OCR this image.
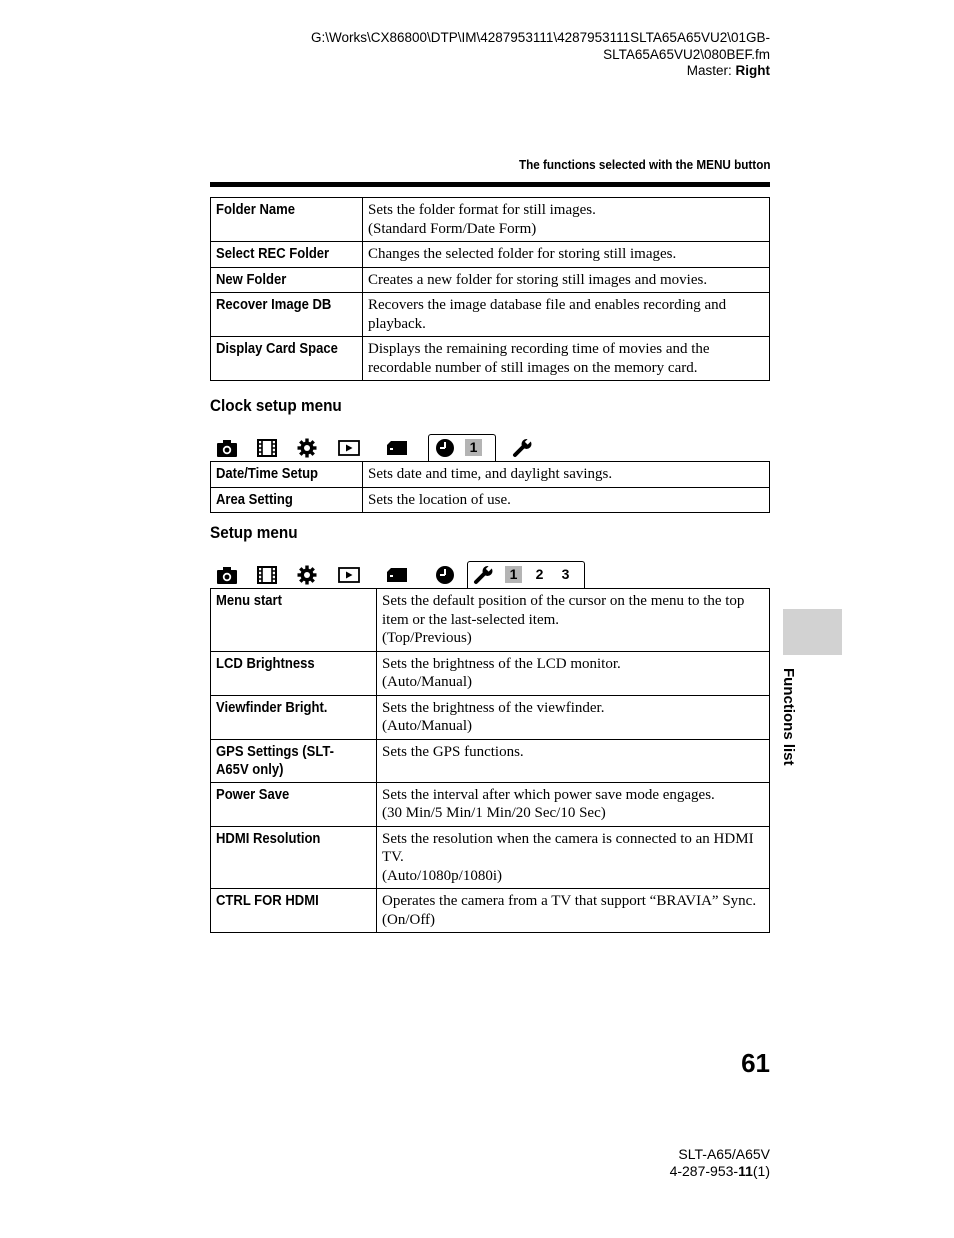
G:\Works\CX86800\DTP\IM\4287953111\4287953111SLTA65A65VU2\01GB-
SLTA65A65VU2\080BEF.fm
Master: Right
The functions selected with the MENU button
Folder Name	Sets the folder format for still images.
(Standard Form/Date Form)

Select REC Folder	Changes the selected folder for storing still images.

New Folder	Creates a new folder for storing still images and movies.

Recover Image DB	Recovers the image database file and enables recording and playback.

Display Card Space	Displays the remaining recording time of movies and the recordable number of still images on the memory card.
Clock setup menu
1
Date/Time Setup	Sets date and time, and daylight savings.

Area Setting	Sets the location of use.
Setup menu
1	2	3
Menu start	Sets the default position of the cursor on the menu to the top item or the last-selected item.
(Top/Previous)

LCD Brightness	Sets the brightness of the LCD monitor.
(Auto/Manual)

Viewfinder Bright.	Sets the brightness of the viewfinder.
(Auto/Manual)

GPS Settings (SLT-A65V only)	Sets the GPS functions.

Power Save	Sets the interval after which power save mode engages.
(30 Min/5 Min/1 Min/20 Sec/10 Sec)

HDMI Resolution	Sets the resolution when the camera is connected to an HDMI TV.
(Auto/1080p/1080i)

CTRL FOR HDMI	Operates the camera from a TV that support “BRAVIA” Sync.
(On/Off)
Functions list
61
SLT-A65/A65V
4-287-953-11(1)
